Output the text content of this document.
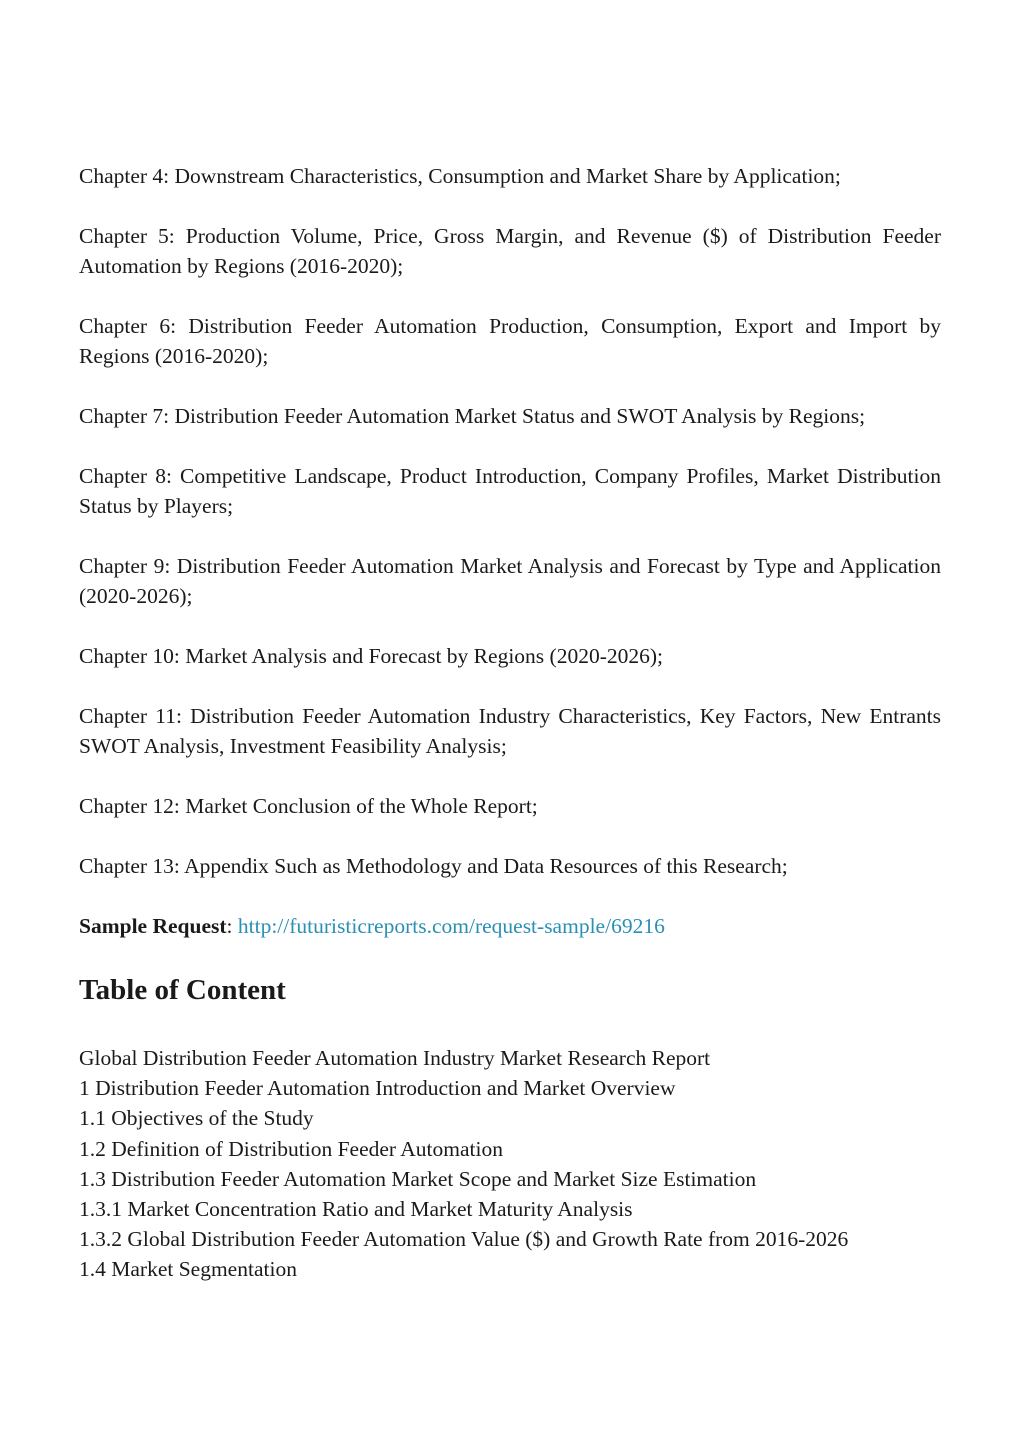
Chapter 4: Downstream Characteristics, Consumption and Market Share by Application;

Chapter 5: Production Volume, Price, Gross Margin, and Revenue ($) of Distribution Feeder Automation by Regions (2016-2020);

Chapter 6: Distribution Feeder Automation Production, Consumption, Export and Import by Regions (2016-2020);

Chapter 7: Distribution Feeder Automation Market Status and SWOT Analysis by Regions;

Chapter 8: Competitive Landscape, Product Introduction, Company Profiles, Market Distribution Status by Players;

Chapter 9: Distribution Feeder Automation Market Analysis and Forecast by Type and Application (2020-2026);

Chapter 10: Market Analysis and Forecast by Regions (2020-2026);

Chapter 11: Distribution Feeder Automation Industry Characteristics, Key Factors, New Entrants SWOT Analysis, Investment Feasibility Analysis;

Chapter 12: Market Conclusion of the Whole Report;

Chapter 13: Appendix Such as Methodology and Data Resources of this Research;

Sample Request: http://futuristicreports.com/request-sample/69216

Table of Content
Global Distribution Feeder Automation Industry Market Research Report
1 Distribution Feeder Automation Introduction and Market Overview
1.1 Objectives of the Study
1.2 Definition of Distribution Feeder Automation
1.3 Distribution Feeder Automation Market Scope and Market Size Estimation
1.3.1 Market Concentration Ratio and Market Maturity Analysis
1.3.2 Global Distribution Feeder Automation Value ($) and Growth Rate from 2016-2026
1.4 Market Segmentation
